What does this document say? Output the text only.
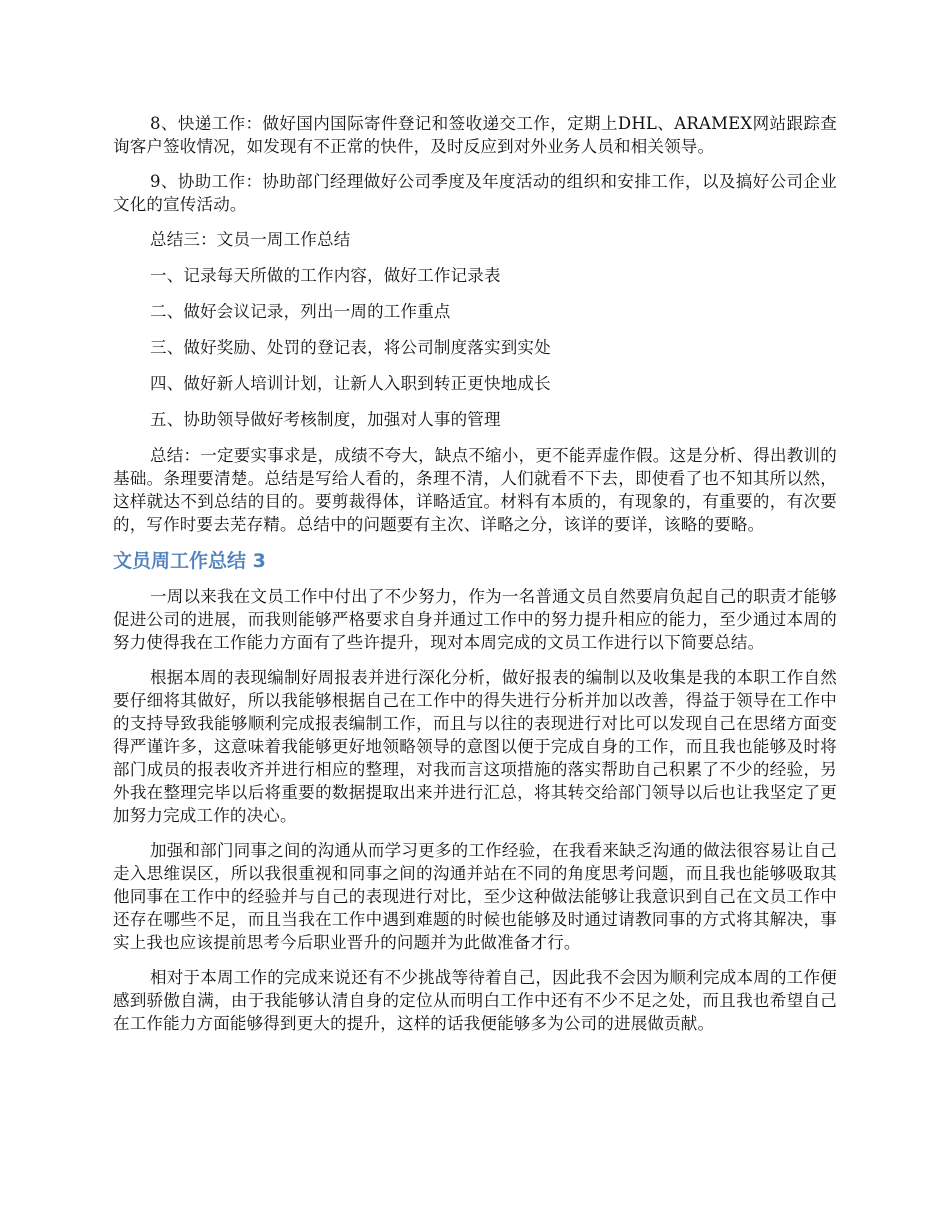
8、快递工作：做好国内国际寄件登记和签收递交工作，定期上DHL、ARAMEX网站跟踪查询客户签收情况，如发现有不正常的快件，及时反应到对外业务人员和相关领导。

9、协助工作：协助部门经理做好公司季度及年度活动的组织和安排工作，以及搞好公司企业文化的宣传活动。

总结三：文员一周工作总结

一、记录每天所做的工作内容，做好工作记录表

二、做好会议记录，列出一周的工作重点

三、做好奖励、处罚的登记表，将公司制度落实到实处

四、做好新人培训计划，让新人入职到转正更快地成长

五、协助领导做好考核制度，加强对人事的管理

总结：一定要实事求是，成绩不夸大，缺点不缩小，更不能弄虚作假。这是分析、得出教训的基础。条理要清楚。总结是写给人看的，条理不清，人们就看不下去，即使看了也不知其所以然，这样就达不到总结的目的。要剪裁得体，详略适宜。材料有本质的，有现象的，有重要的，有次要的，写作时要去芜存精。总结中的问题要有主次、详略之分，该详的要详，该略的要略。

文员周工作总结 3

一周以来我在文员工作中付出了不少努力，作为一名普通文员自然要肩负起自己的职责才能够促进公司的进展，而我则能够严格要求自身并通过工作中的努力提升相应的能力，至少通过本周的努力使得我在工作能力方面有了些许提升，现对本周完成的文员工作进行以下简要总结。

根据本周的表现编制好周报表并进行深化分析，做好报表的编制以及收集是我的本职工作自然要仔细将其做好，所以我能够根据自己在工作中的得失进行分析并加以改善，得益于领导在工作中的支持导致我能够顺利完成报表编制工作，而且与以往的表现进行对比可以发现自己在思绪方面变得严谨许多，这意味着我能够更好地领略领导的意图以便于完成自身的工作，而且我也能够及时将部门成员的报表收齐并进行相应的整理，对我而言这项措施的落实帮助自己积累了不少的经验，另外我在整理完毕以后将重要的数据提取出来并进行汇总，将其转交给部门领导以后也让我坚定了更加努力完成工作的决心。

加强和部门同事之间的沟通从而学习更多的工作经验，在我看来缺乏沟通的做法很容易让自己走入思维误区，所以我很重视和同事之间的沟通并站在不同的角度思考问题，而且我也能够吸取其他同事在工作中的经验并与自己的表现进行对比，至少这种做法能够让我意识到自己在文员工作中还存在哪些不足，而且当我在工作中遇到难题的时候也能够及时通过请教同事的方式将其解决，事实上我也应该提前思考今后职业晋升的问题并为此做准备才行。

相对于本周工作的完成来说还有不少挑战等待着自己，因此我不会因为顺利完成本周的工作便感到骄傲自满，由于我能够认清自身的定位从而明白工作中还有不少不足之处，而且我也希望自己在工作能力方面能够得到更大的提升，这样的话我便能够多为公司的进展做贡献。
